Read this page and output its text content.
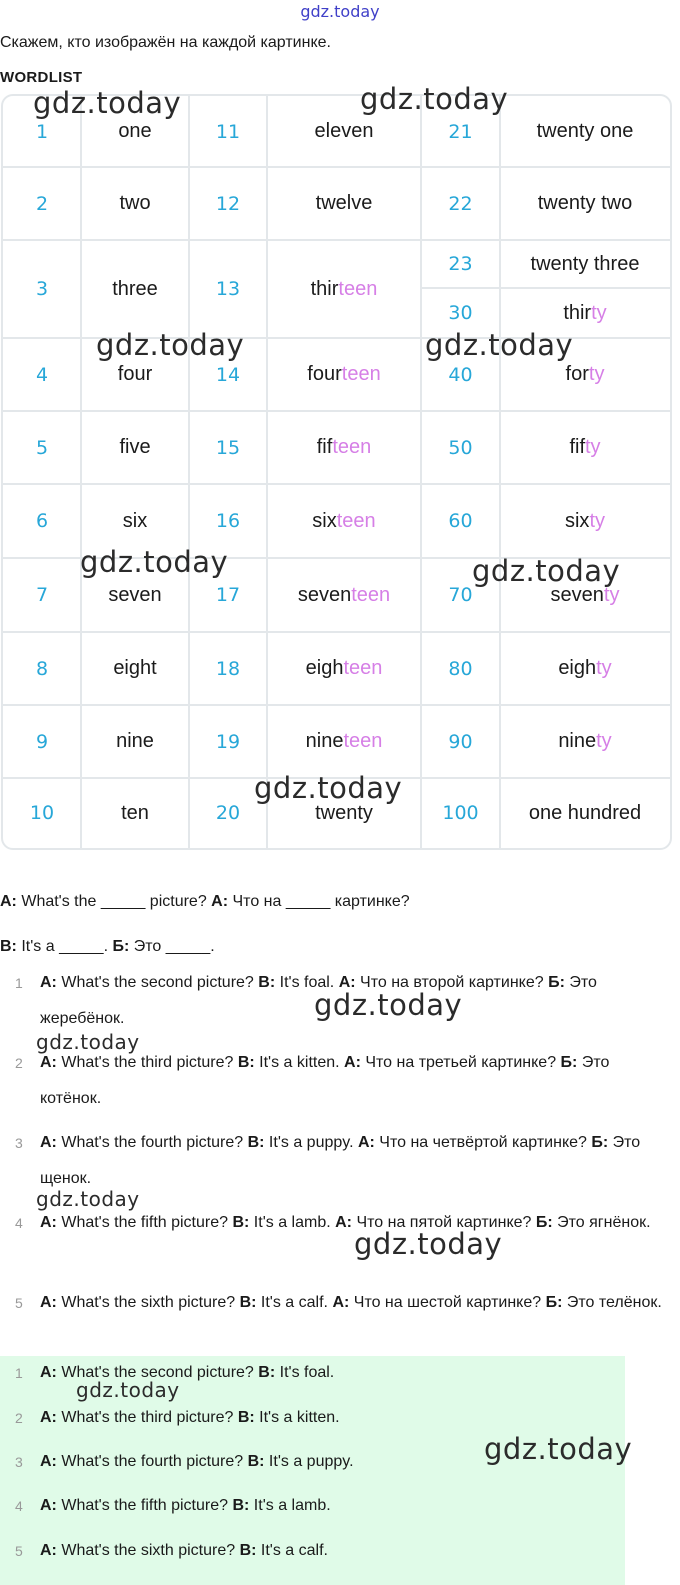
gdz.today
Скажем, кто изображён на каждой картинке.
WORDLIST
1	one	11	eleven	21	twenty one
2	two	12	twelve	22	twenty two
3	three	13	thir teen
23	twenty three
30	thir ty
4	four	14	four teen	40	for ty
5	five	15	fif teen	50	fif ty
6	six	16	six teen	60	six ty
7	seven	17	seven teen	70	seven ty
8	eight	18	eigh teen	80	eigh ty
9	nine	19	nine teen	90	nine ty
10	ten	20	twenty	100	one hundred
A: What's the _____ picture? А: Что на _____ картинке?
B: It's a _____. Б: Это _____.
1 A: What's the second picture? B: It's foal. А: Что на второй картинке? Б: Это жеребёнок.
2 A: What's the third picture? B: It's a kitten. А: Что на третьей картинке? Б: Это котёнок.
3 A: What's the fourth picture? B: It's a puppy. А: Что на четвёртой картинке? Б: Это щенок.
4 A: What's the fifth picture? B: It's a lamb. А: Что на пятой картинке? Б: Это ягнёнок.
5 A: What's the sixth picture? B: It's a calf. А: Что на шестой картинке? Б: Это телёнок.
1 A: What's the second picture? B: It's foal.
2 A: What's the third picture? B: It's a kitten.
3 A: What's the fourth picture? B: It's a puppy.
4 A: What's the fifth picture? B: It's a lamb.
5 A: What's the sixth picture? B: It's a calf.
gdz.today	gdz.today
gdz.today	gdz.today
gdz.today	gdz.today
gdz.today
gdz.today
gdz.today
gdz.today
gdz.today
gdz.today
gdz.today
